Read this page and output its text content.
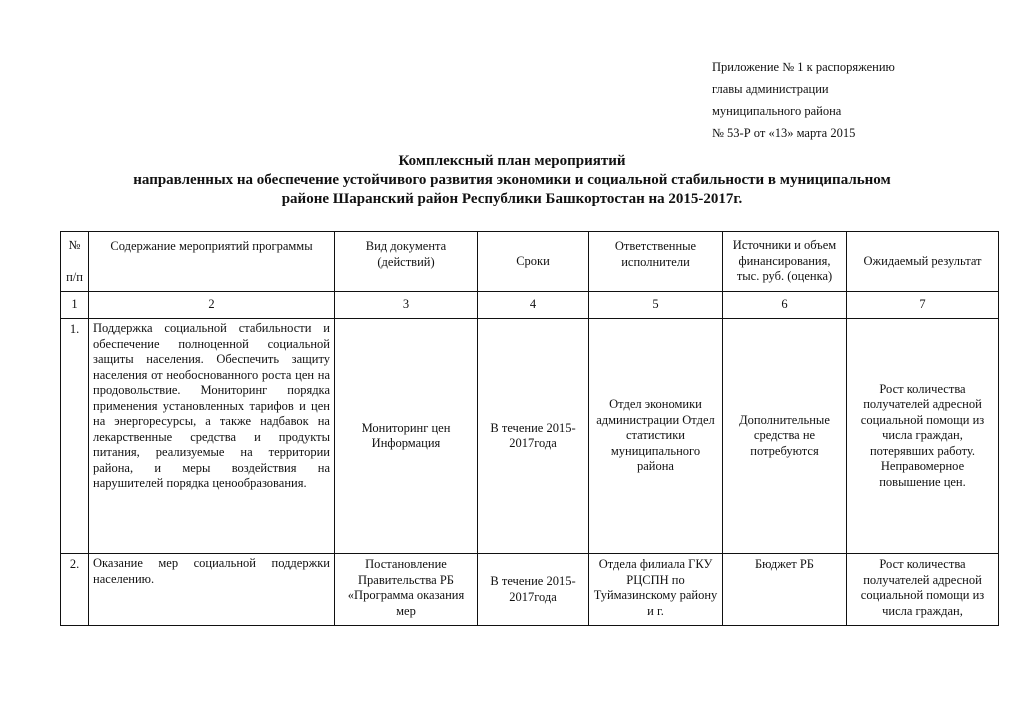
Приложение № 1 к распоряжению
главы администрации
муниципального района
№ 53-Р от «13» марта 2015
Комплексный план мероприятий
направленных на обеспечение устойчивого развития экономики и социальной стабильности в муниципальном
районе Шаранский район Республики Башкортостан на 2015-2017г.
№
п/п	Содержание мероприятий программы	Вид документа (действий)	Сроки	Ответственные исполнители	Источники и объем финансирования, тыс. руб. (оценка)	Ожидаемый результат
1	2	3	4	5	6	7
1.	Поддержка социальной стабильности и обеспечение полноценной социальной защиты населения. Обеспечить защиту населения от необоснованного роста цен на продовольствие. Мониторинг порядка применения установленных тарифов и цен на энергоресурсы, а также надбавок на лекарственные средства и продукты питания, реализуемые на территории района, и меры воздействия на нарушителей порядка ценообразования.	Мониторинг цен Информация	В течение 2015-2017года	Отдел экономики администрации Отдел статистики муниципального района	Дополнительные средства не потребуются	Рост количества получателей адресной социальной помощи из числа граждан, потерявших работу. Неправомерное повышение цен.
2.	Оказание мер социальной поддержки населению.	Постановление Правительства РБ «Программа оказания мер	В течение 2015-2017года	Отдела филиала ГКУ РЦСПН по Туймазинскому району и г.	Бюджет РБ	Рост количества получателей адресной социальной помощи из числа граждан,
